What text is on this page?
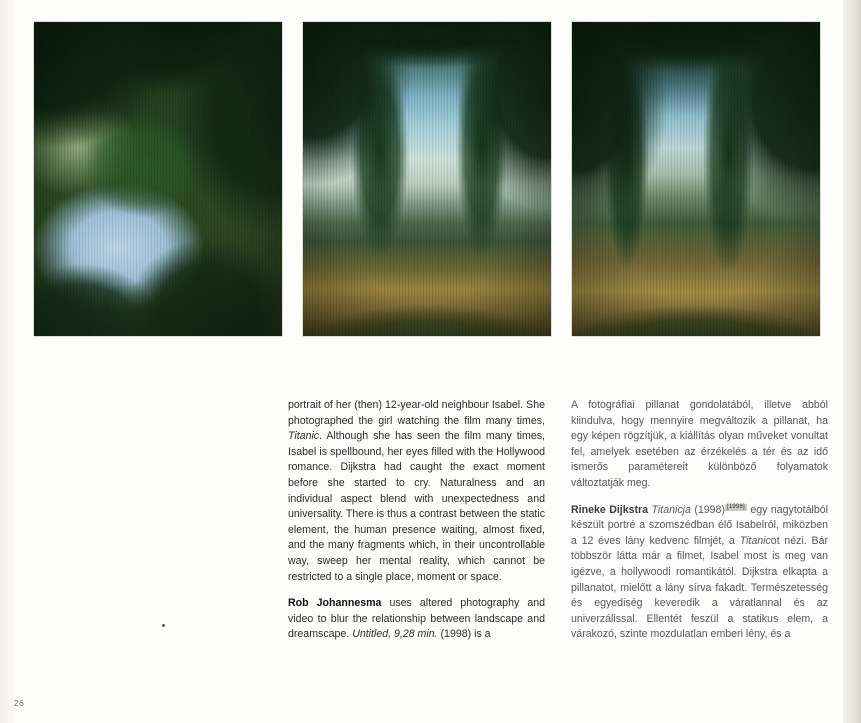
portrait of her (then) 12-year-old neighbour Isabel. She photographed the girl watching the film many times, Titanic. Although she has seen the film many times, Isabel is spellbound, her eyes filled with the Hollywood romance. Dijkstra had caught the exact moment before she started to cry. Naturalness and an individual aspect blend with unexpectedness and universality. There is thus a contrast between the static element, the human presence waiting, almost fixed, and the many fragments which, in their uncontrollable way, sweep her mental reality, which cannot be restricted to a single place, moment or space.

Rob Johannesma uses altered photography and video to blur the relationship between landscape and dreamscape. Untitled, 9,28 min. (1998) is a

A fotográfiai pillanat gondolatából, illetve abból kiindulva, hogy mennyire megváltozik a pillanat, ha egy képen rögzítjük, a kiállítás olyan műveket vonultat fel, amelyek esetében az érzékelés a tér és az idő ismerős paramétereit különböző folyamatok változtatják meg.

Rineke Dijkstra Titanicja (1998) [1998] egy nagytotálból készült portré a szomszédban élő Isabelról, miközben a 12 éves lány kedvenc filmjét, a Titanicot nézi. Bár többször látta már a filmet, Isabel most is meg van igézve, a hollywoodi romantikától. Dijkstra elkapta a pillanatot, mielőtt a lány sírva fakadt. Természetesség és egyediség keveredik a váratlannal és az univerzálissal. Ellentét feszül a statikus elem, a várakozó, szinte mozdulatlan emberi lény, és a

26
